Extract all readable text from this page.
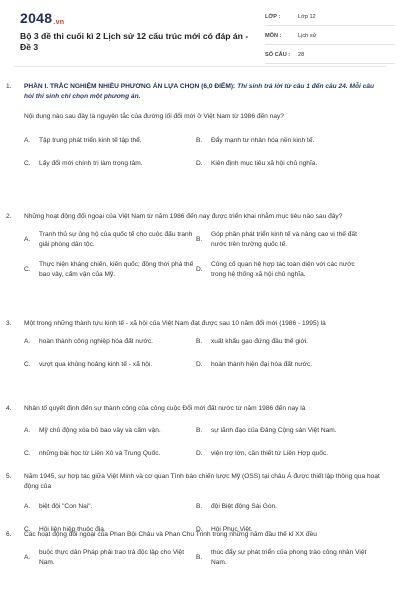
2048.vn
Bộ 3 đề thi cuối kì 2 Lịch sử 12 cấu trúc mới có đáp án - Đề 3
LỚP :	Lớp 12
MÔN :	Lịch sử
SỐ CÂU : 28
1. PHẦN I. TRẮC NGHIỆM NHIỀU PHƯƠNG ÁN LỰA CHỌN (6,0 ĐIỂM): Thí sinh trả lời từ câu 1 đến câu 24. Mỗi câu hỏi thí sinh chỉ chọn một phương án.
Nội dung nào sau đây là nguyên tắc của đường lối đổi mới ở Việt Nam từ 1986 đến nay?
A. Tập trung phát triển kinh tế tập thể.	B. Đẩy mạnh tư nhân hóa nền kinh tế.
C. Lấy đổi mới chính trị làm trọng tâm.	D. Kiên định mục tiêu xã hội chủ nghĩa.
2. Những hoạt động đối ngoại của Việt Nam từ năm 1986 đến nay được triển khai nhằm mục tiêu nào sau đây?
A.
Tranh thủ sự ủng hộ của quốc tế cho cuộc đấu tranh giải phóng dân tộc.
B.
Góp phần phát triển kinh tế và nâng cao vị thế đất nước trên trường quốc tế.
C.
Thực hiện kháng chiến, kiến quốc; đồng thời phá thế bao vây, cấm vận của Mỹ.
D.
Củng cố quan hệ hợp tác toàn diện với các nước trong hệ thống xã hội chủ nghĩa.
3. Một trong những thành tựu kinh tế - xã hội của Việt Nam đạt được sau 10 năm đổi mới (1986 - 1995) là
A. hoàn thành công nghiệp hóa đất nước.	B. xuất khẩu gạo đứng đầu thế giới.
C. vượt qua khủng hoảng kinh tế - xã hội.	D. hoàn thành hiện đại hóa đất nước.
4. Nhân tố quyết định đến sự thành công của công cuộc Đổi mới đất nước từ năm 1986 đến nay là
A. Mỹ chủ động xóa bỏ bao vây và cấm vận.	B. sự lãnh đạo của Đảng Cộng sản Việt Nam.
C. những bài học từ Liên Xô và Trung Quốc.	D. viện trợ lớn, cần thiết từ Liên Hợp quốc.
5. Năm 1945, sự hợp tác giữa Việt Minh và cơ quan Tình báo chiến lược Mỹ (OSS) tại châu Á được thiết lập thông qua hoạt động của
A. biệt đội "Con Nai".	B. đội Biệt động Sài Gòn.
C. Hội liên hiệp thuộc địa.	D. Hội Phục Việt.
6. Các hoạt động đối ngoại của Phan Bội Châu và Phan Chu Trinh trong những năm đầu thế kỉ XX đều
A.
buộc thực dân Pháp phải trao trả độc lập cho Việt Nam.
B.
thúc đẩy sự phát triển của phong trào công nhân Việt Nam.
